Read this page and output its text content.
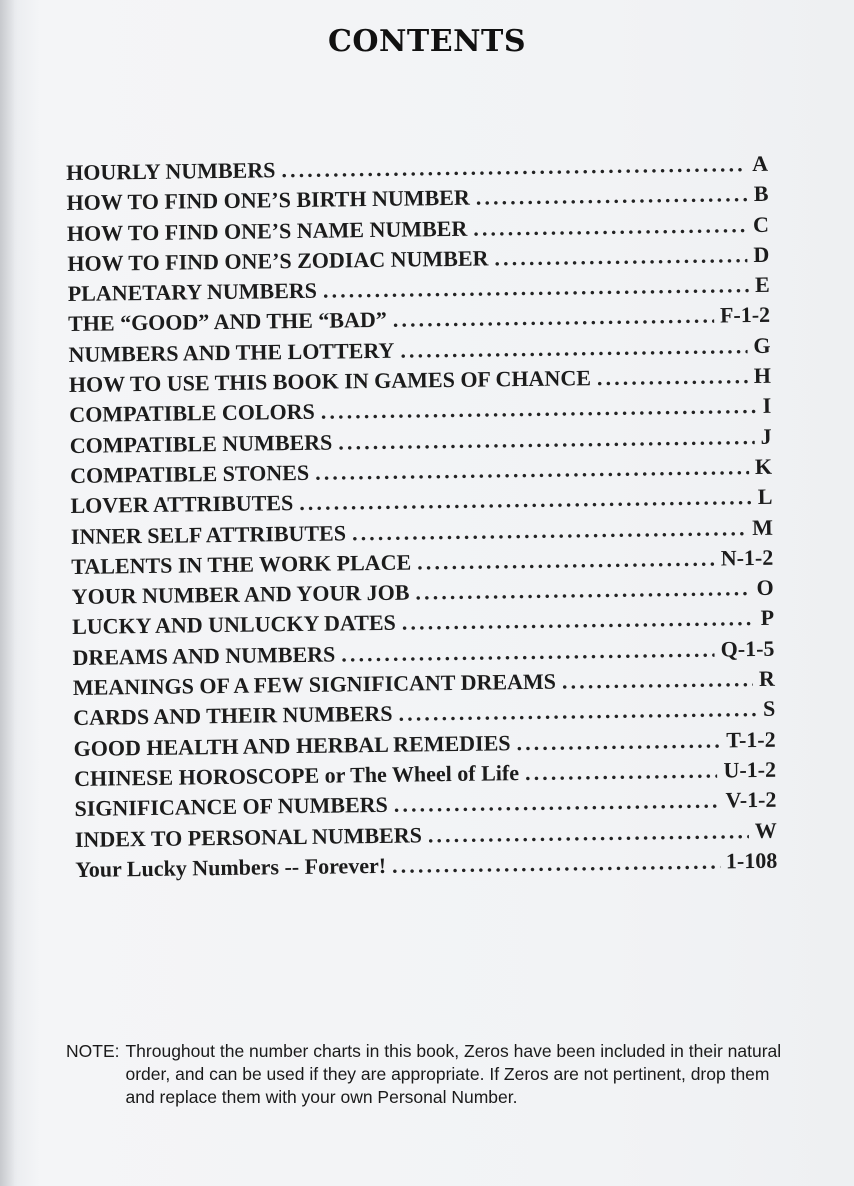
CONTENTS
HOURLY NUMBERS . . .	A
HOW TO FIND ONE’S BIRTH NUMBER . . .	B
HOW TO FIND ONE’S NAME NUMBER . . .	C
HOW TO FIND ONE’S ZODIAC NUMBER . . .	D
PLANETARY NUMBERS . . .	E
THE “GOOD” AND THE “BAD” . . .	F-1-2
NUMBERS AND THE LOTTERY . . .	G
HOW TO USE THIS BOOK IN GAMES OF CHANCE . . .	H
COMPATIBLE COLORS . . .	I
COMPATIBLE NUMBERS . . .	J
COMPATIBLE STONES . . .	K
LOVER ATTRIBUTES . . .	L
INNER SELF ATTRIBUTES . . .	M
TALENTS IN THE WORK PLACE . . .	N-1-2
YOUR NUMBER AND YOUR JOB . . .	O
LUCKY AND UNLUCKY DATES . . .	P
DREAMS AND NUMBERS . . .	Q-1-5
MEANINGS OF A FEW SIGNIFICANT DREAMS . . .	R
CARDS AND THEIR NUMBERS . . .	S
GOOD HEALTH AND HERBAL REMEDIES . . .	T-1-2
CHINESE HOROSCOPE or The Wheel of Life . . .	U-1-2
SIGNIFICANCE OF NUMBERS . . .	V-1-2
INDEX TO PERSONAL NUMBERS . . .	W
Your Lucky Numbers -- Forever! . . .	1-108
NOTE: Throughout the number charts in this book, Zeros have been included in their natural order, and can be used if they are appropriate. If Zeros are not pertinent, drop them and replace them with your own Personal Number.
